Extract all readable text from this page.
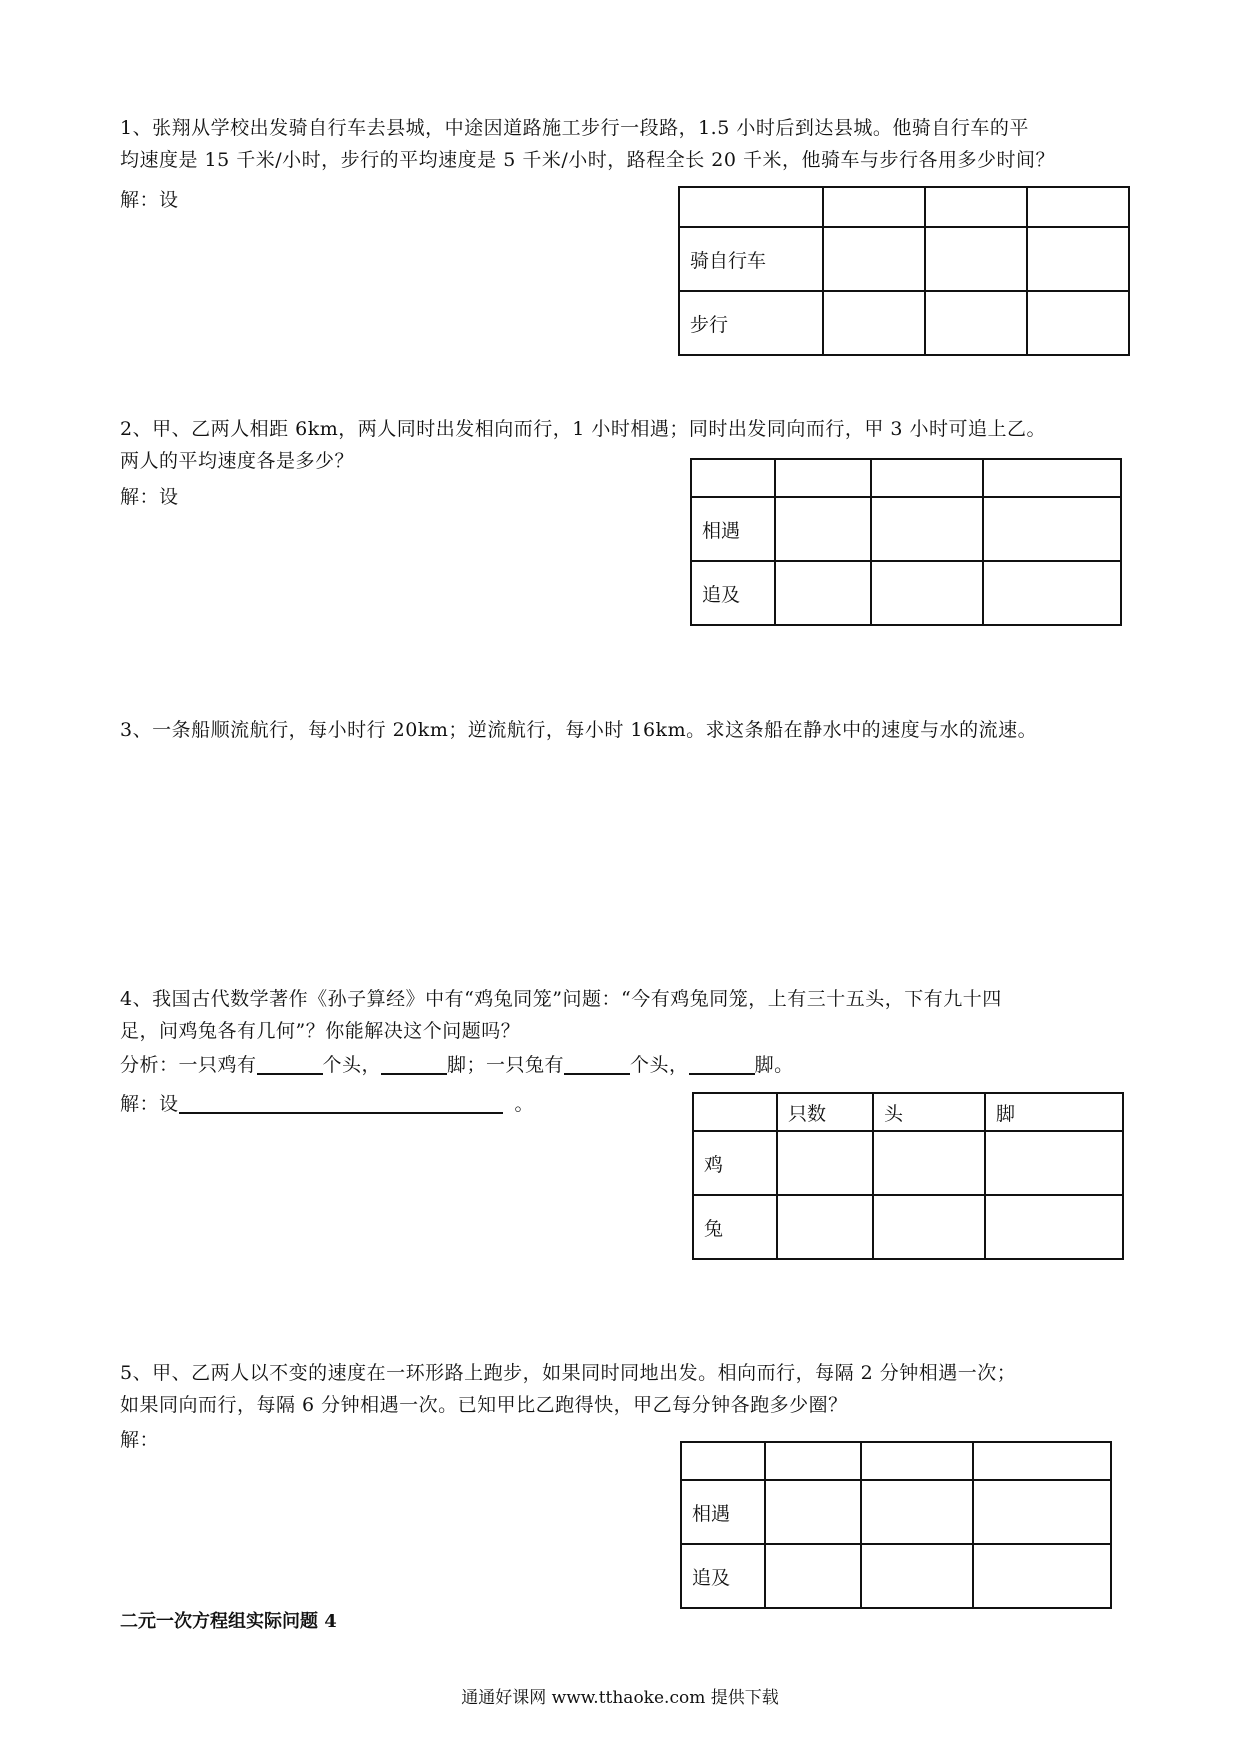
1、张翔从学校出发骑自行车去县城，中途因道路施工步行一段路，1.5 小时后到达县城。他骑自行车的平
均速度是 15 千米/小时，步行的平均速度是 5 千米/小时，路程全长 20 千米，他骑车与步行各用多少时间？
解：设

骑自行车			
步行			
2、甲、乙两人相距 6km，两人同时出发相向而行，1 小时相遇；同时出发同向而行，甲 3 小时可追上乙。
两人的平均速度各是多少？
解：设

相遇			
追及			
3、一条船顺流航行，每小时行 20km；逆流航行，每小时 16km。求这条船在静水中的速度与水的流速。
4、我国古代数学著作《孙子算经》中有“鸡兔同笼”问题：“今有鸡兔同笼，上有三十五头，下有九十四
足，问鸡兔各有几何”？你能解决这个问题吗？
分析：一只鸡有	个头，	脚；一只兔有	个头，	脚。
解：设	。
		只数	头	脚
鸡			
兔			
5、甲、乙两人以不变的速度在一环形路上跑步，如果同时同地出发。相向而行，每隔 2 分钟相遇一次；
如果同向而行，每隔 6 分钟相遇一次。已知甲比乙跑得快，甲乙每分钟各跑多少圈？
解：

相遇			
追及			
二元一次方程组实际问题 4
通通好课网 www.tthaoke.com 提供下载
